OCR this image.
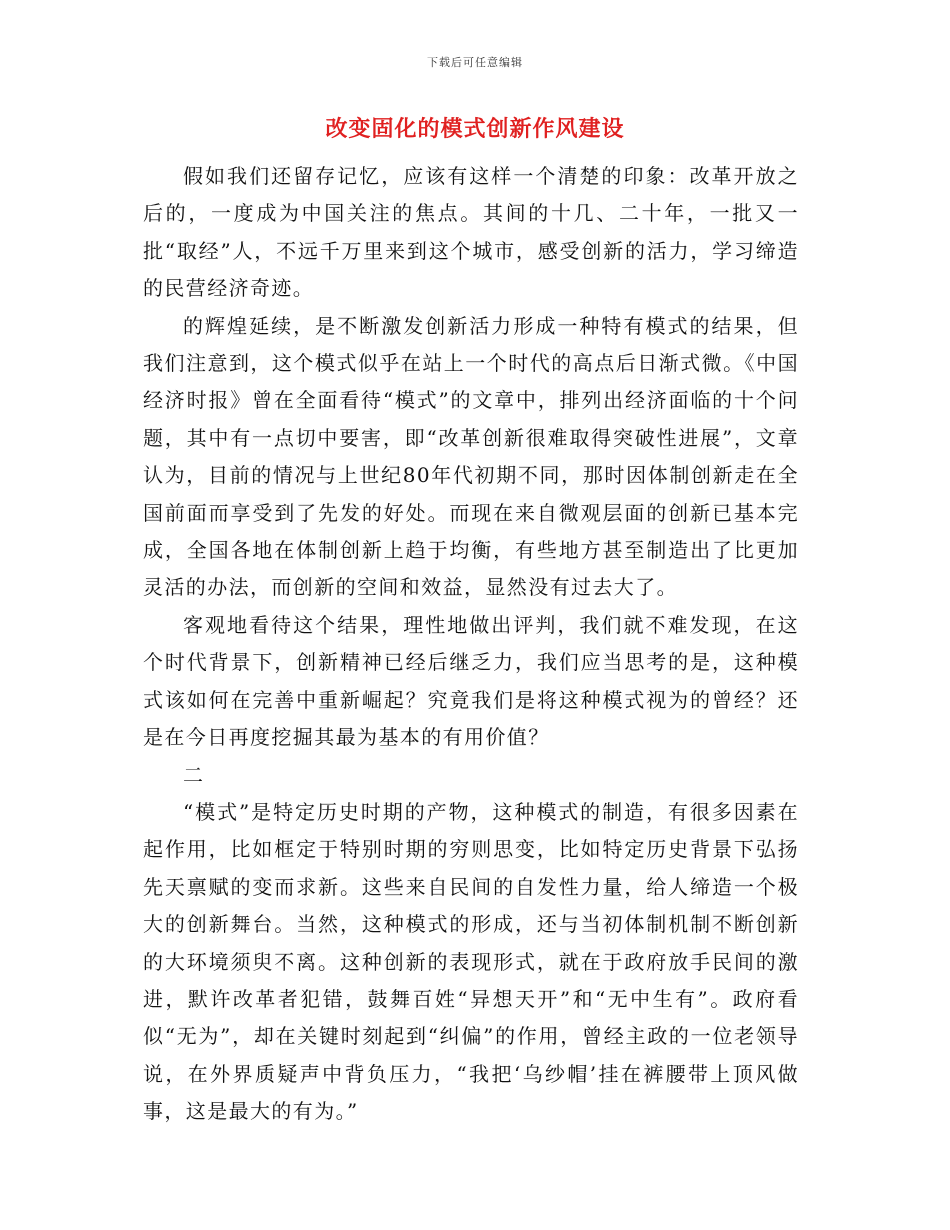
下载后可任意编辑
改变固化的模式创新作风建设

假如我们还留存记忆，应该有这样一个清楚的印象：改革开放之后的，一度成为中国关注的焦点。其间的十几、二十年，一批又一批“取经”人，不远千万里来到这个城市，感受创新的活力，学习缔造的民营经济奇迹。

的辉煌延续，是不断激发创新活力形成一种特有模式的结果，但我们注意到，这个模式似乎在站上一个时代的高点后日渐式微。《中国经济时报》曾在全面看待“模式”的文章中，排列出经济面临的十个问题，其中有一点切中要害，即“改革创新很难取得突破性进展”，文章认为，目前的情况与上世纪80年代初期不同，那时因体制创新走在全国前面而享受到了先发的好处。而现在来自微观层面的创新已基本完成，全国各地在体制创新上趋于均衡，有些地方甚至制造出了比更加灵活的办法，而创新的空间和效益，显然没有过去大了。

客观地看待这个结果，理性地做出评判，我们就不难发现，在这个时代背景下，创新精神已经后继乏力，我们应当思考的是，这种模式该如何在完善中重新崛起？究竟我们是将这种模式视为的曾经？还是在今日再度挖掘其最为基本的有用价值？

二

“模式”是特定历史时期的产物，这种模式的制造，有很多因素在起作用，比如框定于特别时期的穷则思变，比如特定历史背景下弘扬先天禀赋的变而求新。这些来自民间的自发性力量，给人缔造一个极大的创新舞台。当然，这种模式的形成，还与当初体制机制不断创新的大环境须臾不离。这种创新的表现形式，就在于政府放手民间的激进，默许改革者犯错，鼓舞百姓“异想天开”和“无中生有”。政府看似“无为”，却在关键时刻起到“纠偏”的作用，曾经主政的一位老领导说，在外界质疑声中背负压力，“我把‘乌纱帽’挂在裤腰带上顶风做事，这是最大的有为。”
